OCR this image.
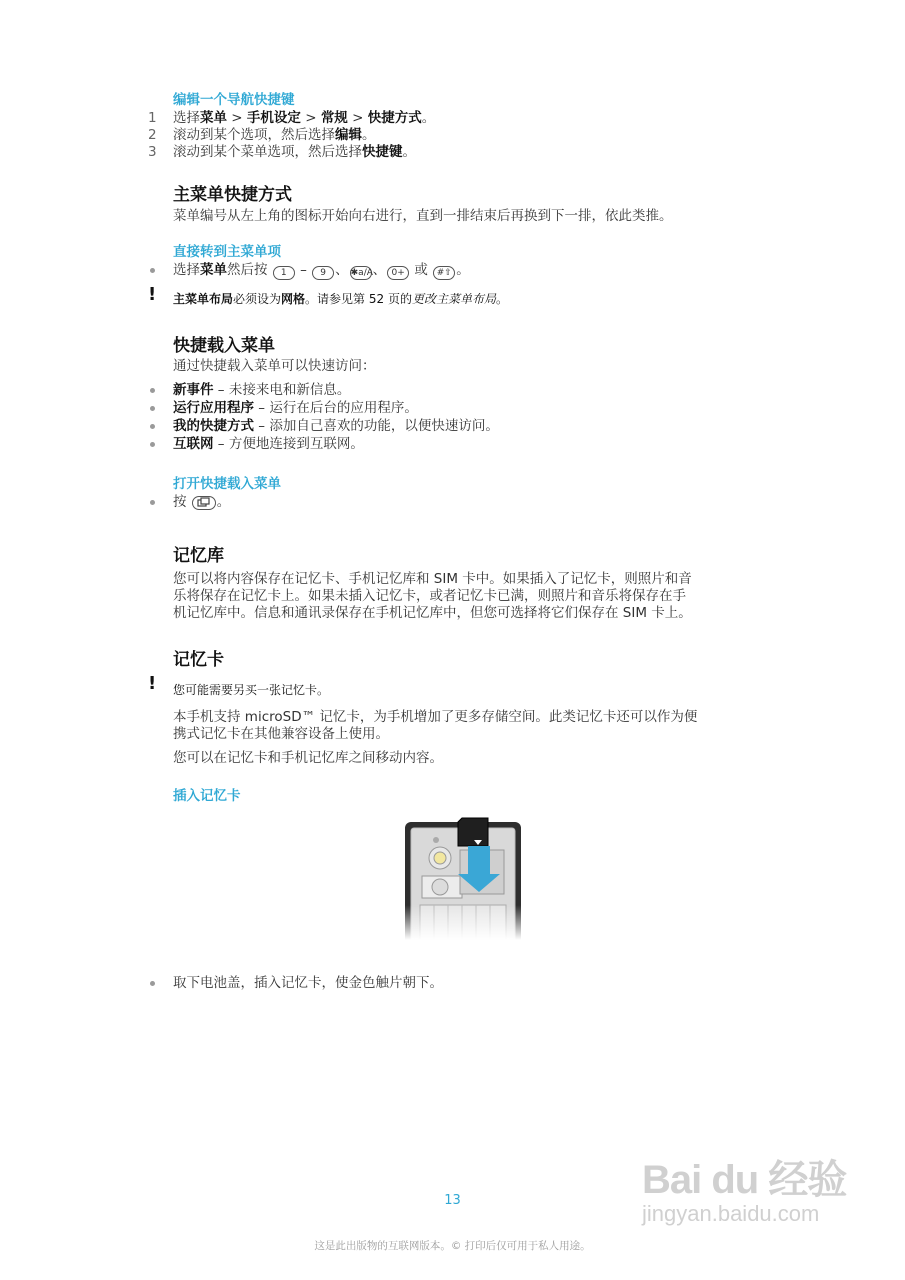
编辑一个导航快捷键
1 选择菜单 > 手机设定 > 常规 > 快捷方式。
2 滚动到某个选项，然后选择编辑。
3 滚动到某个菜单选项，然后选择快捷键。
主菜单快捷方式
菜单编号从左上角的图标开始向右进行，直到一排结束后再换到下一排，依此类推。
直接转到主菜单项
选择菜单然后按 1 – 9 、 ✱a/A、 0+ 或 #⇧ 。
! 主菜单布局必须设为网格。请参见第 52 页的更改主菜单布局。
快捷载入菜单
通过快捷载入菜单可以快速访问：
新事件 – 未接来电和新信息。
运行应用程序 – 运行在后台的应用程序。
我的快捷方式 – 添加自己喜欢的功能，以便快速访问。
互联网 – 方便地连接到互联网。
打开快捷载入菜单
按 。
记忆库
您可以将内容保存在记忆卡、手机记忆库和 SIM 卡中。如果插入了记忆卡，则照片和音
乐将保存在记忆卡上。如果未插入记忆卡，或者记忆卡已满，则照片和音乐将保存在手
机记忆库中。信息和通讯录保存在手机记忆库中，但您可选择将它们保存在 SIM 卡上。
记忆卡
! 您可能需要另买一张记忆卡。
本手机支持 microSD™ 记忆卡，为手机增加了更多存储空间。此类记忆卡还可以作为便
携式记忆卡在其他兼容设备上使用。
您可以在记忆卡和手机记忆库之间移动内容。
插入记忆卡
取下电池盖，插入记忆卡，使金色触片朝下。
13
这是此出版物的互联网版本。© 打印后仅可用于私人用途。
Bai du 经验
jingyan.baidu.com
